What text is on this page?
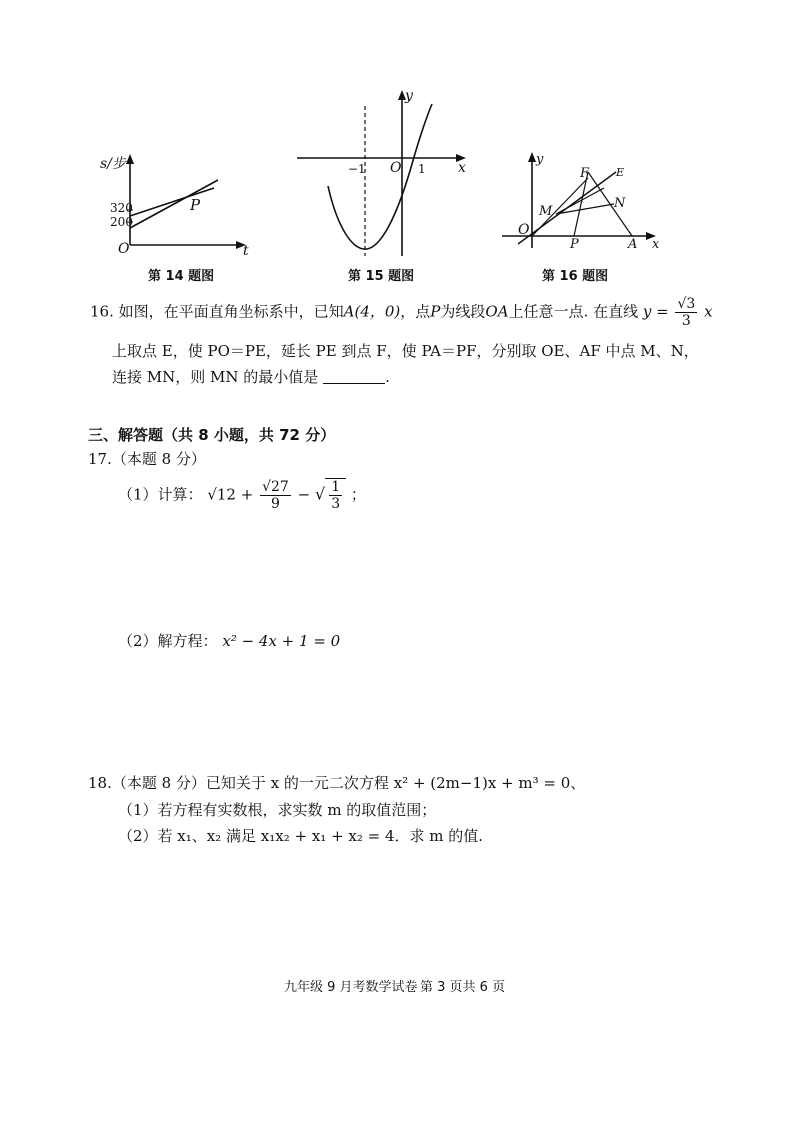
s/步
320
200
O
P
t
第 14 题图
y
−1 O 1 x
第 15 题图
y
F E
M
N
O
P	A x
第 16 题图
16. 如图，在平面直角坐标系中，已知A(4，0)，点P为线段OA上任意一点. 在直线 $y = \frac{√3}{3}$ x
上取点 E，使 PO＝PE，延长 PE 到点 F，使 PA＝PF，分别取 OE、AF 中点 M、N，
连接 MN，则 MN 的最小值是	.
三、解答题（共 8 小题，共 72 分）
17.（本题 8 分）
（1）计算： $√12 + \frac{√27}{9}$ − √ $\frac{1}{3}$ ；
（2）解方程： x² − 4x + 1 = 0
18.（本题 8 分）已知关于 x 的一元二次方程 x² + (2m−1)x + m³ = 0、
（1）若方程有实数根，求实数 m 的取值范围；
（2）若 x₁、x₂ 满足 x₁x₂ + x₁ + x₂ = 4．求 m 的值.
九年级 9 月考数学试卷 第 3 页共 6 页
